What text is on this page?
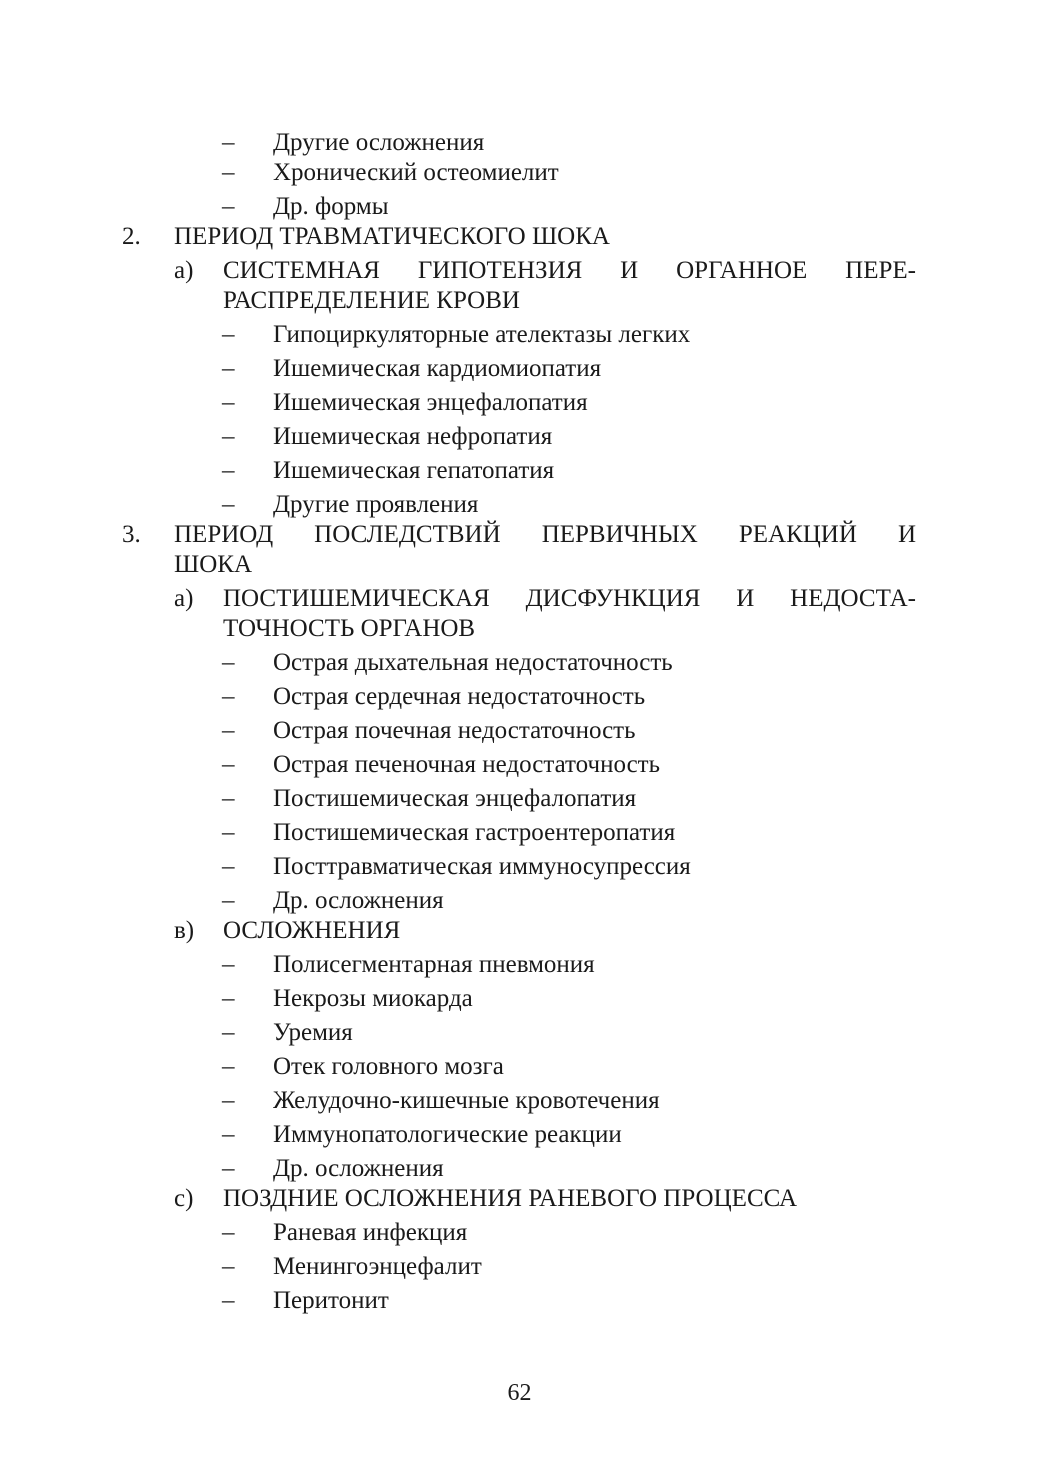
– Другие осложнения
– Хронический остеомиелит
– Др. формы
2. ПЕРИОД ТРАВМАТИЧЕСКОГО ШОКА
а) СИСТЕМНАЯ ГИПОТЕНЗИЯ И ОРГАННОЕ ПЕРЕ-
РАСПРЕДЕЛЕНИЕ КРОВИ
– Гипоциркуляторные ателектазы легких
– Ишемическая кардиомиопатия
– Ишемическая энцефалопатия
– Ишемическая нефропатия
– Ишемическая гепатопатия
– Другие проявления
3. ПЕРИОД ПОСЛЕДСТВИЙ ПЕРВИЧНЫХ РЕАКЦИЙ И
ШОКА
а) ПОСТИШЕМИЧЕСКАЯ ДИСФУНКЦИЯ И НЕДОСТА-
ТОЧНОСТЬ ОРГАНОВ
– Острая дыхательная недостаточность
– Острая сердечная недостаточность
– Острая почечная недостаточность
– Острая печеночная недостаточность
– Постишемическая энцефалопатия
– Постишемическая гастроентеропатия
– Посттравматическая иммуносупрессия
– Др. осложнения
в) ОСЛОЖНЕНИЯ
– Полисегментарная пневмония
– Некрозы миокарда
– Уремия
– Отек головного мозга
– Желудочно-кишечные кровотечения
– Иммунопатологические реакции
– Др. осложнения
с) ПОЗДНИЕ ОСЛОЖНЕНИЯ РАНЕВОГО ПРОЦЕССА
– Раневая инфекция
– Менингоэнцефалит
– Перитонит
62
